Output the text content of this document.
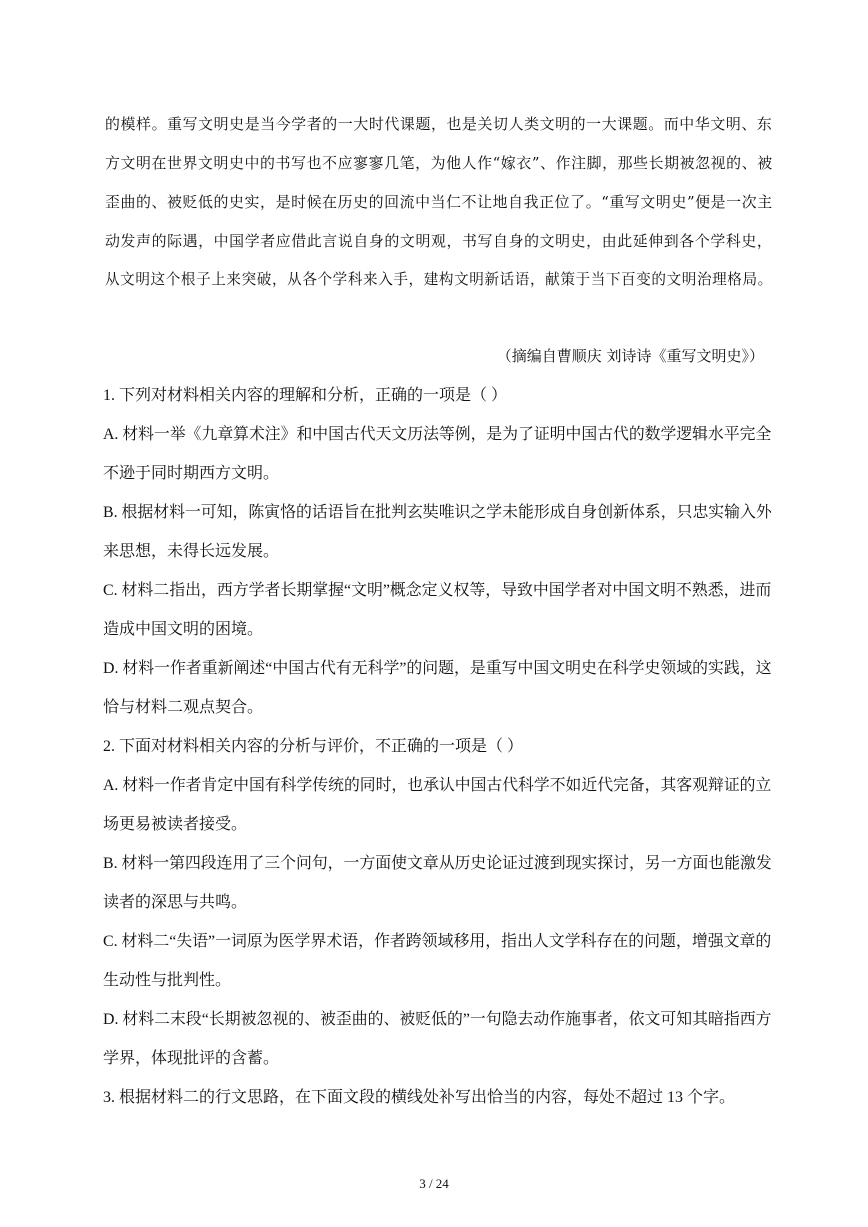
的模样。重写文明史是当今学者的一大时代课题，也是关切人类文明的一大课题。而中华文明、东
方文明在世界文明史中的书写也不应寥寥几笔，为他人作“嫁衣”、作注脚，那些长期被忽视的、被
歪曲的、被贬低的史实，是时候在历史的回流中当仁不让地自我正位了。“重写文明史”便是一次主
动发声的际遇，中国学者应借此言说自身的文明观，书写自身的文明史，由此延伸到各个学科史，
从文明这个根子上来突破，从各个学科来入手，建构文明新话语，献策于当下百变的文明治理格局。
（摘编自曹顺庆 刘诗诗《重写文明史》）
1. 下列对材料相关内容的理解和分析，正确的一项是（ ）
A. 材料一举《九章算术注》和中国古代天文历法等例，是为了证明中国古代的数学逻辑水平完全
不逊于同时期西方文明。
B. 根据材料一可知，陈寅恪的话语旨在批判玄奘唯识之学未能形成自身创新体系，只忠实输入外
来思想，未得长远发展。
C. 材料二指出，西方学者长期掌握“文明”概念定义权等，导致中国学者对中国文明不熟悉，进而
造成中国文明的困境。
D. 材料一作者重新阐述“中国古代有无科学”的问题，是重写中国文明史在科学史领域的实践，这
恰与材料二观点契合。
2. 下面对材料相关内容的分析与评价，不正确的一项是（ ）
A. 材料一作者肯定中国有科学传统的同时，也承认中国古代科学不如近代完备，其客观辩证的立
场更易被读者接受。
B. 材料一第四段连用了三个问句，一方面使文章从历史论证过渡到现实探讨，另一方面也能激发
读者的深思与共鸣。
C. 材料二“失语”一词原为医学界术语，作者跨领域移用，指出人文学科存在的问题，增强文章的
生动性与批判性。
D. 材料二末段“长期被忽视的、被歪曲的、被贬低的”一句隐去动作施事者，依文可知其暗指西方
学界，体现批评的含蓄。
3. 根据材料二的行文思路，在下面文段的横线处补写出恰当的内容，每处不超过 13 个字。
3 / 24
